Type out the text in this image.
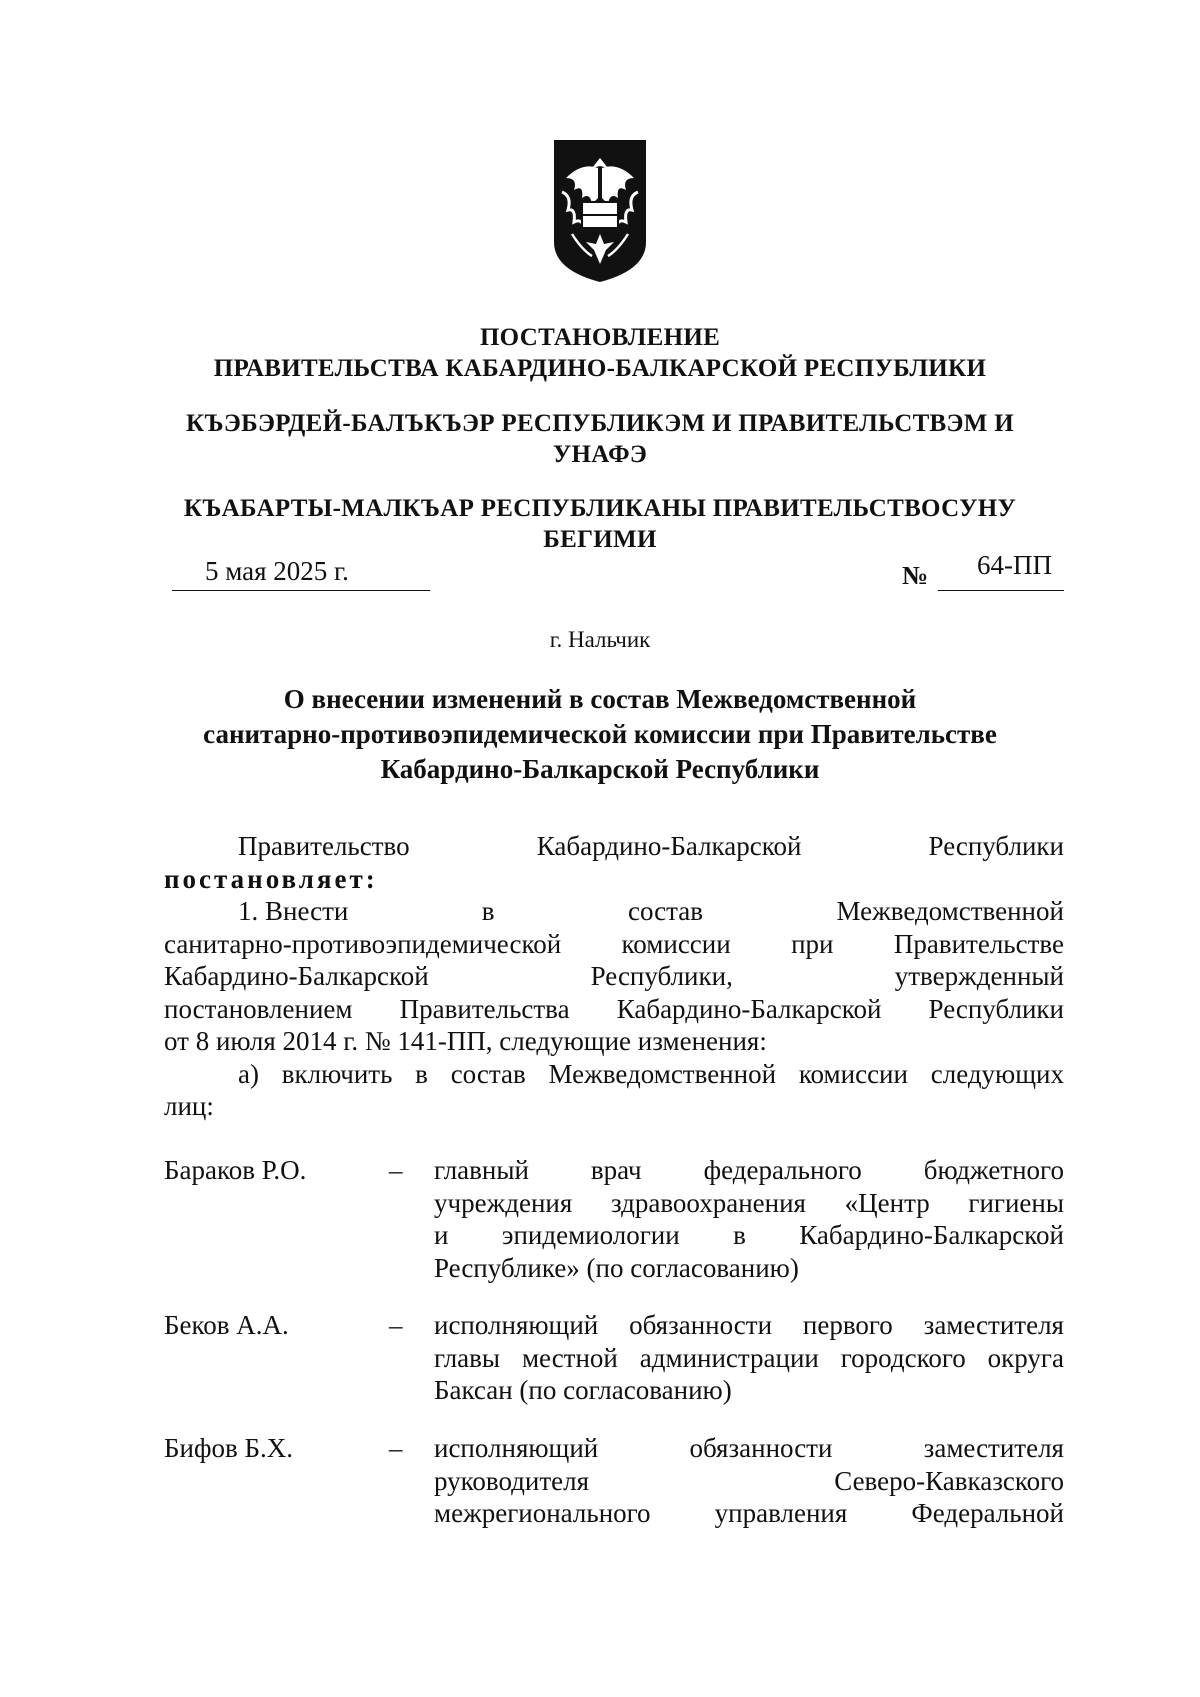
ПОСТАНОВЛЕНИЕ
ПРАВИТЕЛЬСТВА КАБАРДИНО-БАЛКАРСКОЙ РЕСПУБЛИКИ
КЪЭБЭРДЕЙ-БАЛЪКЪЭР РЕСПУБЛИКЭМ И ПРАВИТЕЛЬСТВЭМ И
УНАФЭ
КЪАБАРТЫ-МАЛКЪАР РЕСПУБЛИКАНЫ ПРАВИТЕЛЬСТВОСУНУ
БЕГИМИ
5 мая 2025 г.	№ 64-ПП
г. Нальчик
О внесении изменений в состав Межведомственной
санитарно-противоэпидемической комиссии при Правительстве
Кабардино-Балкарской Республики
Правительство	Кабардино-Балкарской	Республики
постановляет:
1. Внести	в	состав	Межведомственной
санитарно-противоэпидемической комиссии при Правительстве
Кабардино-Балкарской	Республики,	утвержденный
постановлением Правительства Кабардино-Балкарской Республики
от 8 июля 2014 г. № 141-ПП, следующие изменения:
а) включить в состав Межведомственной комиссии следующих
лиц:
Бараков Р.О.	– главный врач федерального бюджетного
учреждения здравоохранения «Центр гигиены
и эпидемиологии в Кабардино-Балкарской
Республике» (по согласованию)
Беков А.А.	– исполняющий обязанности первого заместителя
главы местной администрации городского округа
Баксан (по согласованию)
Бифов Б.Х.	– исполняющий	обязанности	заместителя
руководителя	Северо-Кавказского
межрегионального управления Федеральной
